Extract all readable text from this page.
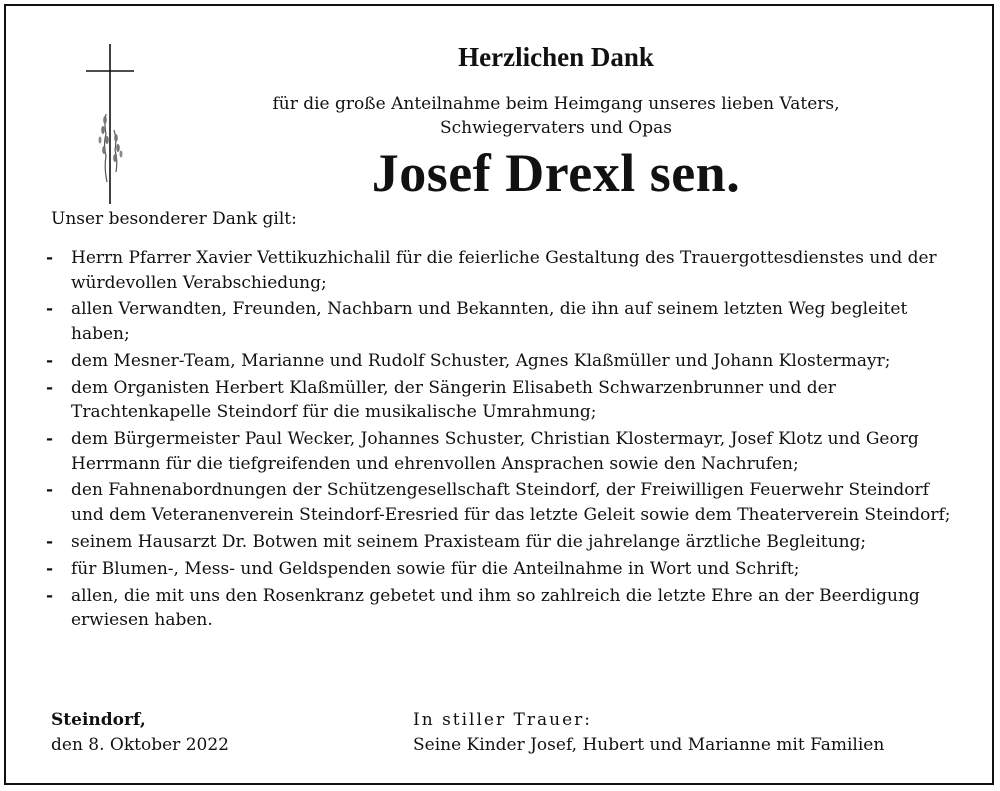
Herzlichen Dank
für die große Anteilnahme beim Heimgang unseres lieben Vaters,
Schwiegervaters und Opas
Josef Drexl sen.
Unser besonderer Dank gilt:
- Herrn Pfarrer Xavier Vettikuzhichalil für die feierliche Gestaltung des Trauergottesdienstes und der würdevollen Verabschiedung;
- allen Verwandten, Freunden, Nachbarn und Bekannten, die ihn auf seinem letzten Weg begleitet haben;
- dem Mesner-Team, Marianne und Rudolf Schuster, Agnes Klaßmüller und Johann Klostermayr;
- dem Organisten Herbert Klaßmüller, der Sängerin Elisabeth Schwarzenbrunner und der Trachtenkapelle Steindorf für die musikalische Umrahmung;
- dem Bürgermeister Paul Wecker, Johannes Schuster, Christian Klostermayr, Josef Klotz und Georg Herrmann für die tiefgreifenden und ehrenvollen Ansprachen sowie den Nachrufen;
- den Fahnenabordnungen der Schützengesellschaft Steindorf, der Freiwilligen Feuerwehr Steindorf und dem Veteranenverein Steindorf-Eresried für das letzte Geleit sowie dem Theaterverein Steindorf;
- seinem Hausarzt Dr. Botwen mit seinem Praxisteam für die jahrelange ärztliche Begleitung;
- für Blumen-, Mess- und Geldspenden sowie für die Anteilnahme in Wort und Schrift;
- allen, die mit uns den Rosenkranz gebetet und ihm so zahlreich die letzte Ehre an der Beerdigung erwiesen haben.
Steindorf,
den 8. Oktober 2022
In stiller Trauer:
Seine Kinder Josef, Hubert und Marianne mit Familien
